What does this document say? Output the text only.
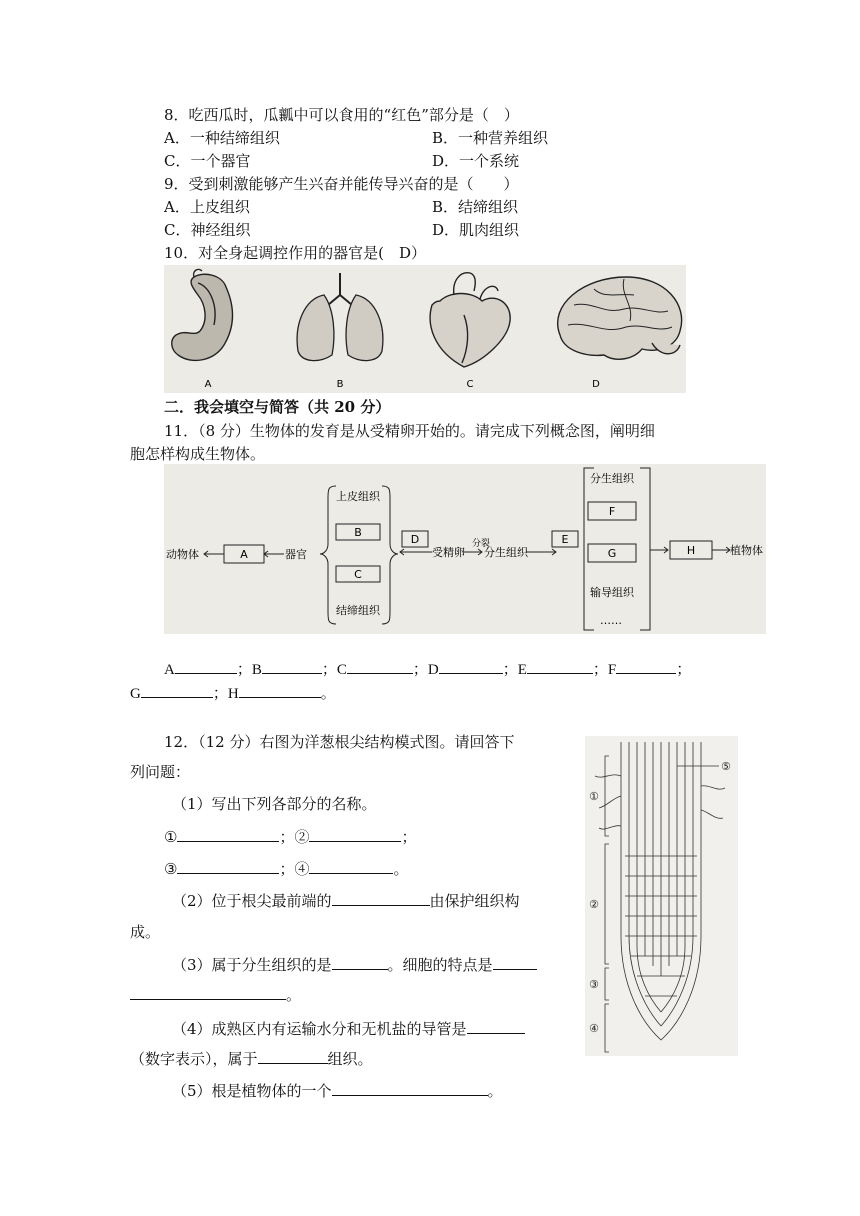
8．吃西瓜时，瓜瓤中可以食用的“红色”部分是（　）
A．一种结缔组织	B．一种营养组织
C．一个器官	D．一个系统
9．受到刺激能够产生兴奋并能传导兴奋的是（　　）
A．上皮组织	B．结缔组织
C．神经组织	D．肌肉组织
10．对全身起调控作用的器官是(　D）
A	B	C	D
二．我会填空与简答（共 20 分）
11．（8 分）生物体的发育是从受精卵开始的。请完成下列概念图，阐明细
胞怎样构成生物体。
动物体	A	器官
上皮组织
B
C
结缔组织
D
受精卵
分裂
分生组织
E
分生组织
F
G
输导组织
……
H	植物体
A	；B	；C	；D	；E	；F	；
G	；H	。
12．（12 分）右图为洋葱根尖结构模式图。请回答下
列问题：
（1）写出下列各部分的名称。
①	；②	；
③	；④	。
（2）位于根尖最前端的	由保护组织构
成。
（3）属于分生组织的是	。细胞的特点是
。
（4）成熟区内有运输水分和无机盐的导管是
（数字表示），属于	组织。
（5）根是植物体的一个	。
①
②
③
④
⑤
